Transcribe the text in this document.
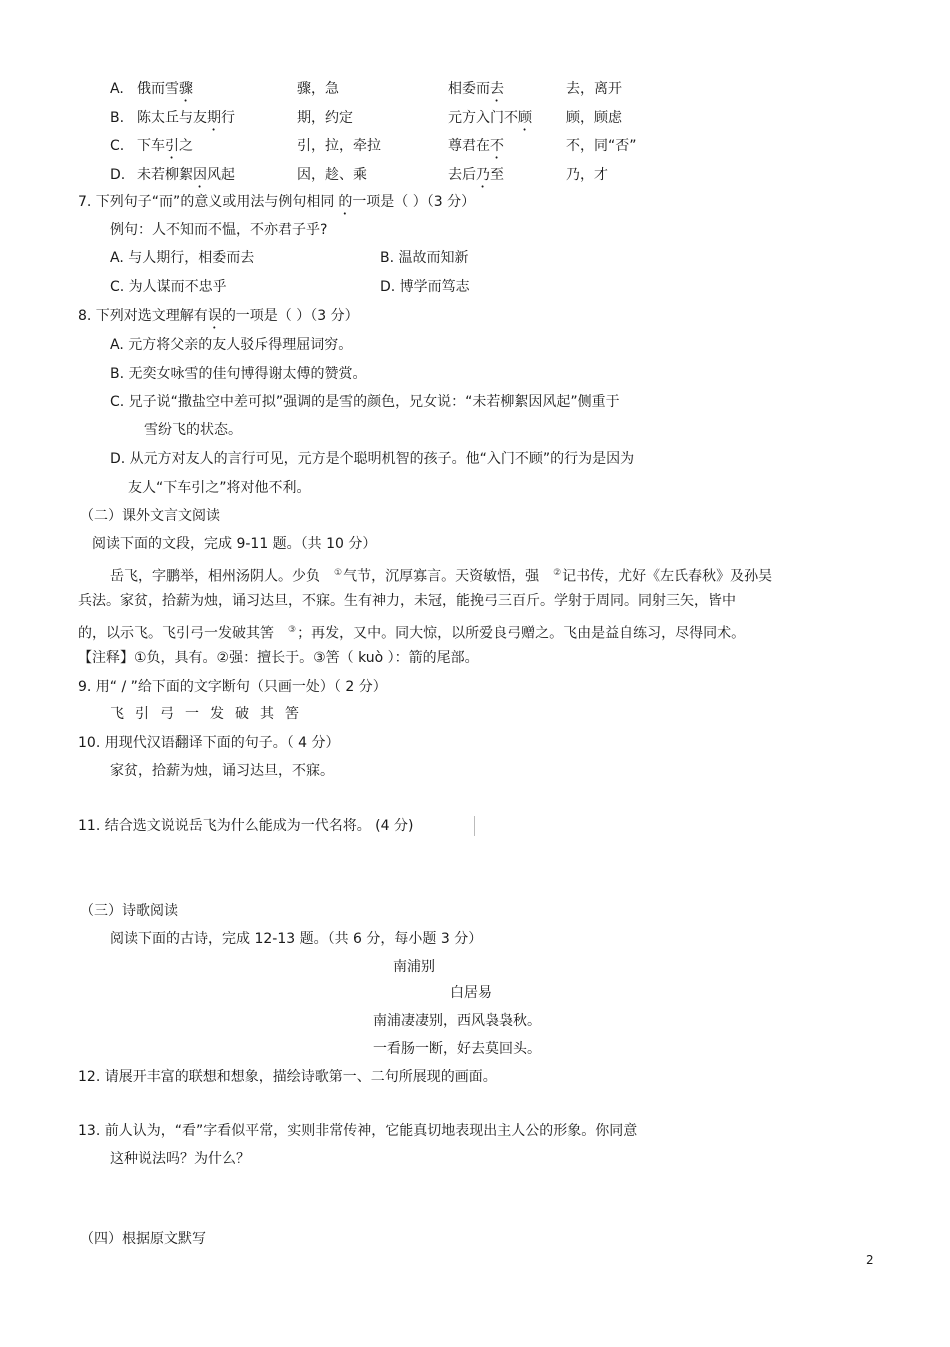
A. 俄而雪骤	骤，急	相委而去	去，离开
B. 陈太丘与友期行	期，约定	元方入门不顾 顾，顾虑
C. 下车引之	引，拉，牵拉	尊君在不	不，同“否”
D. 未若柳絮因风起	因，趁、乘	去后乃至	乃，才
7. 下列句子“而”的意义或用法与例句相同 的一项是（ ）（3 分）
例句：人不知而不愠，不亦君子乎?
A. 与人期行，相委而去	B. 温故而知新
C. 为人谋而不忠乎	D. 博学而笃志
8. 下列对选文理解有误的一项是（ ）（3 分）
A. 元方将父亲的友人驳斥得理屈词穷。
B. 无奕女咏雪的佳句博得谢太傅的赞赏。
C. 兄子说“撒盐空中差可拟”强调的是雪的颜色，兄女说：“未若柳絮因风起”侧重于
雪纷飞的状态。
D. 从元方对友人的言行可见，元方是个聪明机智的孩子。他“入门不顾”的行为是因为
友人“下车引之”将对他不利。
（二）课外文言文阅读
阅读下面的文段，完成 9-11 题。（共 10 分）
岳飞，字鹏举，相州汤阴人。少负 ①气节，沉厚寡言。天资敏悟，强 ②记书传，尤好《左氏春秋》及孙吴
兵法。家贫，拾薪为烛，诵习达旦，不寐。生有神力，未冠，能挽弓三百斤。学射于周同。同射三矢，皆中
的，以示飞。飞引弓一发破其筈 ③；再发，又中。同大惊，以所爱良弓赠之。飞由是益自练习，尽得同术。
【注释】①负，具有。②强：擅长于。③筈（ kuò ）：箭的尾部。
9. 用“ / ”给下面的文字断句（只画一处）（ 2 分）
飞引弓一发破其筈
10. 用现代汉语翻译下面的句子。（ 4 分）
家贫，拾薪为烛，诵习达旦，不寐。
11. 结合选文说说岳飞为什么能成为一代名将。 (4 分)
（三）诗歌阅读
阅读下面的古诗，完成 12-13 题。（共 6 分，每小题 3 分）
南浦别
白居易
南浦凄凄别，西风袅袅秋。
一看肠一断，好去莫回头。
12. 请展开丰富的联想和想象，描绘诗歌第一、二句所展现的画面。
13. 前人认为，“看”字看似平常，实则非常传神，它能真切地表现出主人公的形象。你同意
这种说法吗？为什么？
（四）根据原文默写
2
